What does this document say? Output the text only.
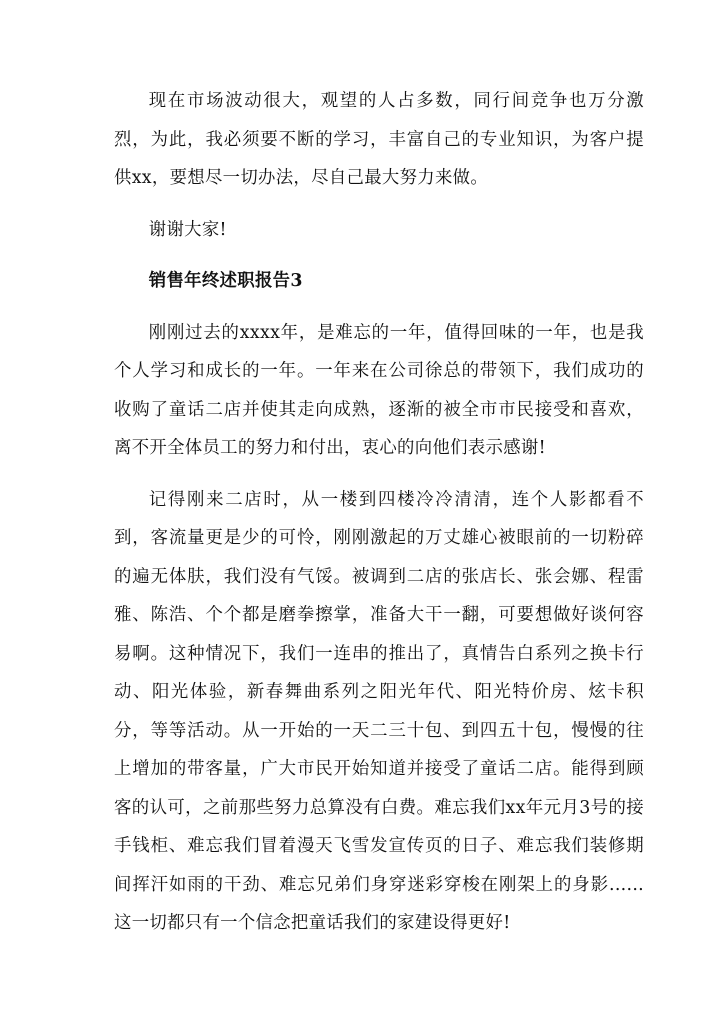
现在市场波动很大，观望的人占多数，同行间竞争也万分激烈，为此，我必须要不断的学习，丰富自己的专业知识，为客户提供xx，要想尽一切办法，尽自己最大努力来做。

谢谢大家!

销售年终述职报告3

刚刚过去的xxxx年，是难忘的一年，值得回味的一年，也是我个人学习和成长的一年。一年来在公司徐总的带领下，我们成功的收购了童话二店并使其走向成熟，逐渐的被全市市民接受和喜欢，离不开全体员工的努力和付出，衷心的向他们表示感谢!

记得刚来二店时，从一楼到四楼冷冷清清，连个人影都看不到，客流量更是少的可怜，刚刚激起的万丈雄心被眼前的一切粉碎的遍无体肤，我们没有气馁。被调到二店的张店长、张会娜、程雷雅、陈浩、个个都是磨拳擦掌，准备大干一翻，可要想做好谈何容易啊。这种情况下，我们一连串的推出了，真情告白系列之换卡行动、阳光体验，新春舞曲系列之阳光年代、阳光特价房、炫卡积分，等等活动。从一开始的一天二三十包、到四五十包，慢慢的往上增加的带客量，广大市民开始知道并接受了童话二店。能得到顾客的认可，之前那些努力总算没有白费。难忘我们xx年元月3号的接手钱柜、难忘我们冒着漫天飞雪发宣传页的日子、难忘我们装修期间挥汗如雨的干劲、难忘兄弟们身穿迷彩穿梭在刚架上的身影......这一切都只有一个信念把童话我们的家建设得更好!
